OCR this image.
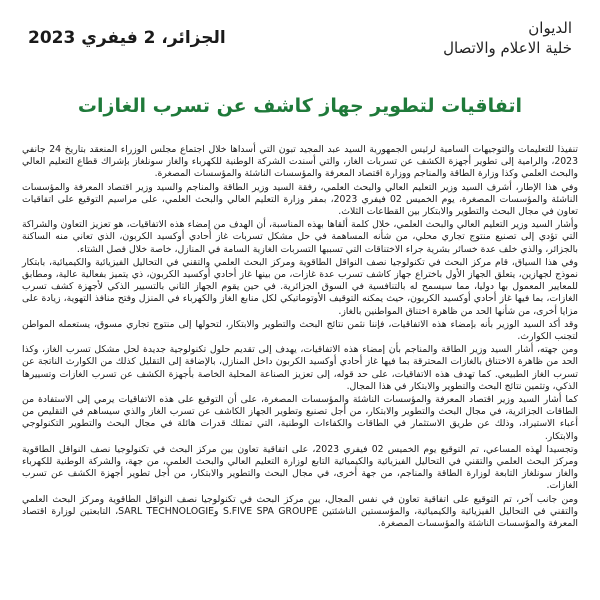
الديوان
خلية الاعلام والاتصال
الجزائر، 2 فيفري 2023
اتفاقيات لتطوير جهاز كاشف عن تسرب الغازات

تنفيذا للتعليمات والتوجيهات السامية لرئيس الجمهورية السيد عبد المجيد تبون التي أسداها خلال اجتماع مجلس الوزراء المنعقد بتاريخ 24 جانفي 2023، والرامية إلى تطوير أجهزة الكشف عن تسربات الغاز، والتي أسندت الشركة الوطنية للكهرباء والغاز سونلغاز بإشراك قطاع التعليم العالي والبحث العلمي وكذا وزارة الطاقة والمناجم ووزارة اقتصاد المعرفة والمؤسسات الناشئة والمؤسسات المصغرة.

وفي هذا الإطار، أشرف السيد وزير التعليم العالي والبحث العلمي، رفقة السيد وزير الطاقة والمناجم والسيد وزير اقتصاد المعرفة والمؤسسات الناشئة والمؤسسات المصغرة، يوم الخميس 02 فيفري 2023، بمقر وزارة التعليم العالي والبحث العلمي، على مراسيم التوقيع على اتفاقيات تعاون في مجال البحث والتطوير والابتكار بين القطاعات الثلاث.

وأشار السيد وزير التعليم العالي والبحث العلمي، خلال كلمة ألقاها بهذه المناسبة، أن الهدف من إمضاء هذه الاتفاقيات، هو تعزيز التعاون والشراكة التي تؤدي إلى تصنيع منتوج تجاري محلي، من شأنه المساهمة في حل مشكل تسربات غاز أحادي أوكسيد الكربون، الذي تعاني منه الساكنة بالجزائر، والذي خلف عدة خسائر بشرية جراء الاختناقات التي تسببها التسربات الغازية السامة في المنازل، خاصة خلال فصل الشتاء.

وفي هذا السياق، قام مركز البحث في تكنولوجيا نصف النواقل الطاقوية ومركز البحث العلمي والتقني في التحاليل الفيزيائية والكيميائية، بابتكار نموذج لجهازين، يتعلق الجهاز الأول باختراع جهاز كاشف تسرب عدة غازات، من بينها غاز أحادي أوكسيد الكربون، ذي يتميز بفعالية عالية، ومطابق للمعايير المعمول بها دوليا، مما سيسمح له بالتنافسية في السوق الجزائرية. في حين يقوم الجهاز الثاني بالتسيير الذكي لأجهزة كشف تسرب الغازات، بما فيها غاز أحادي أوكسيد الكربون، حيث يمكنه التوقيف الأوتوماتيكي لكل منابع الغاز والكهرباء في المنزل وفتح منافذ التهوية، زيادة على مزايا أخرى، من شأنها الحد من ظاهرة اختناق المواطنين بالغاز.

وقد أكد السيد الوزير بأنه بإمضاء هذه الاتفاقيات، فإننا نثمن نتائج البحث والتطوير والابتكار، لتحولها إلى منتوج تجاري مسوق، يستعمله المواطن لتجنب الكوارث.

ومن جهته، أشار السيد وزير الطاقة والمناجم بأن إمضاء هذه الاتفاقيات، يهدف إلى تقديم حلول تكنولوجية جديدة لحل مشكل تسرب الغاز، وكذا الحد من ظاهرة الاختناق بالغازات المحترقة بما فيها غاز أحادي أوكسيد الكربون داخل المنازل، بالإضافة إلى التقليل كذلك من الكوارث الناتجة عن تسرب الغاز الطبيعي. كما تهدف هذه الاتفاقيات، على حد قوله، إلى تعزيز الصناعة المحلية الخاصة بأجهزة الكشف عن تسرب الغازات وتسييرها الذكي، وتثمين نتائج البحث والتطوير والابتكار في هذا المجال.

كما أشار السيد وزير اقتصاد المعرفة والمؤسسات الناشئة والمؤسسات المصغرة، على أن التوقيع على هذه الاتفاقيات يرمي إلى الاستفادة من الطاقات الجزائرية، في مجال البحث والتطوير والابتكار، من أجل تصنيع وتطوير الجهاز الكاشف عن تسرب الغاز والذي سيساهم في التقليص من أعباء الاستيراد، وذلك عن طريق الاستثمار في الطاقات والكفاءات الوطنية، التي تمتلك قدرات هائلة في مجال البحث والتطوير التكنولوجي والابتكار.

وتجسيدا لهذه المساعي، تم التوقيع يوم الخميس 02 فيفري 2023، على اتفاقية تعاون بين مركز البحث في تكنولوجيا نصف النواقل الطاقوية ومركز البحث العلمي والتقني في التحاليل الفيزيائية والكيميائية التابع لوزارة التعليم العالي والبحث العلمي، من جهة، والشركة الوطنية للكهرباء والغاز سونلغاز التابعة لوزارة الطاقة والمناجم، من جهة أخرى، في مجال البحث والتطوير والابتكار، من أجل تطوير أجهزة الكشف عن تسرب الغازات.

ومن جانب آخر، تم التوقيع على اتفاقية تعاون في نفس المجال، بين مركز البحث في تكنولوجيا نصف النواقل الطاقوية ومركز البحث العلمي والتقني في التحاليل الفيزيائية والكيميائية، والمؤسستين الناشئتين S.FIVE SPA GROUPE وSARL TECHNOLOGIE، التابعتين لوزارة اقتصاد المعرفة والمؤسسات الناشئة والمؤسسات المصغرة.
